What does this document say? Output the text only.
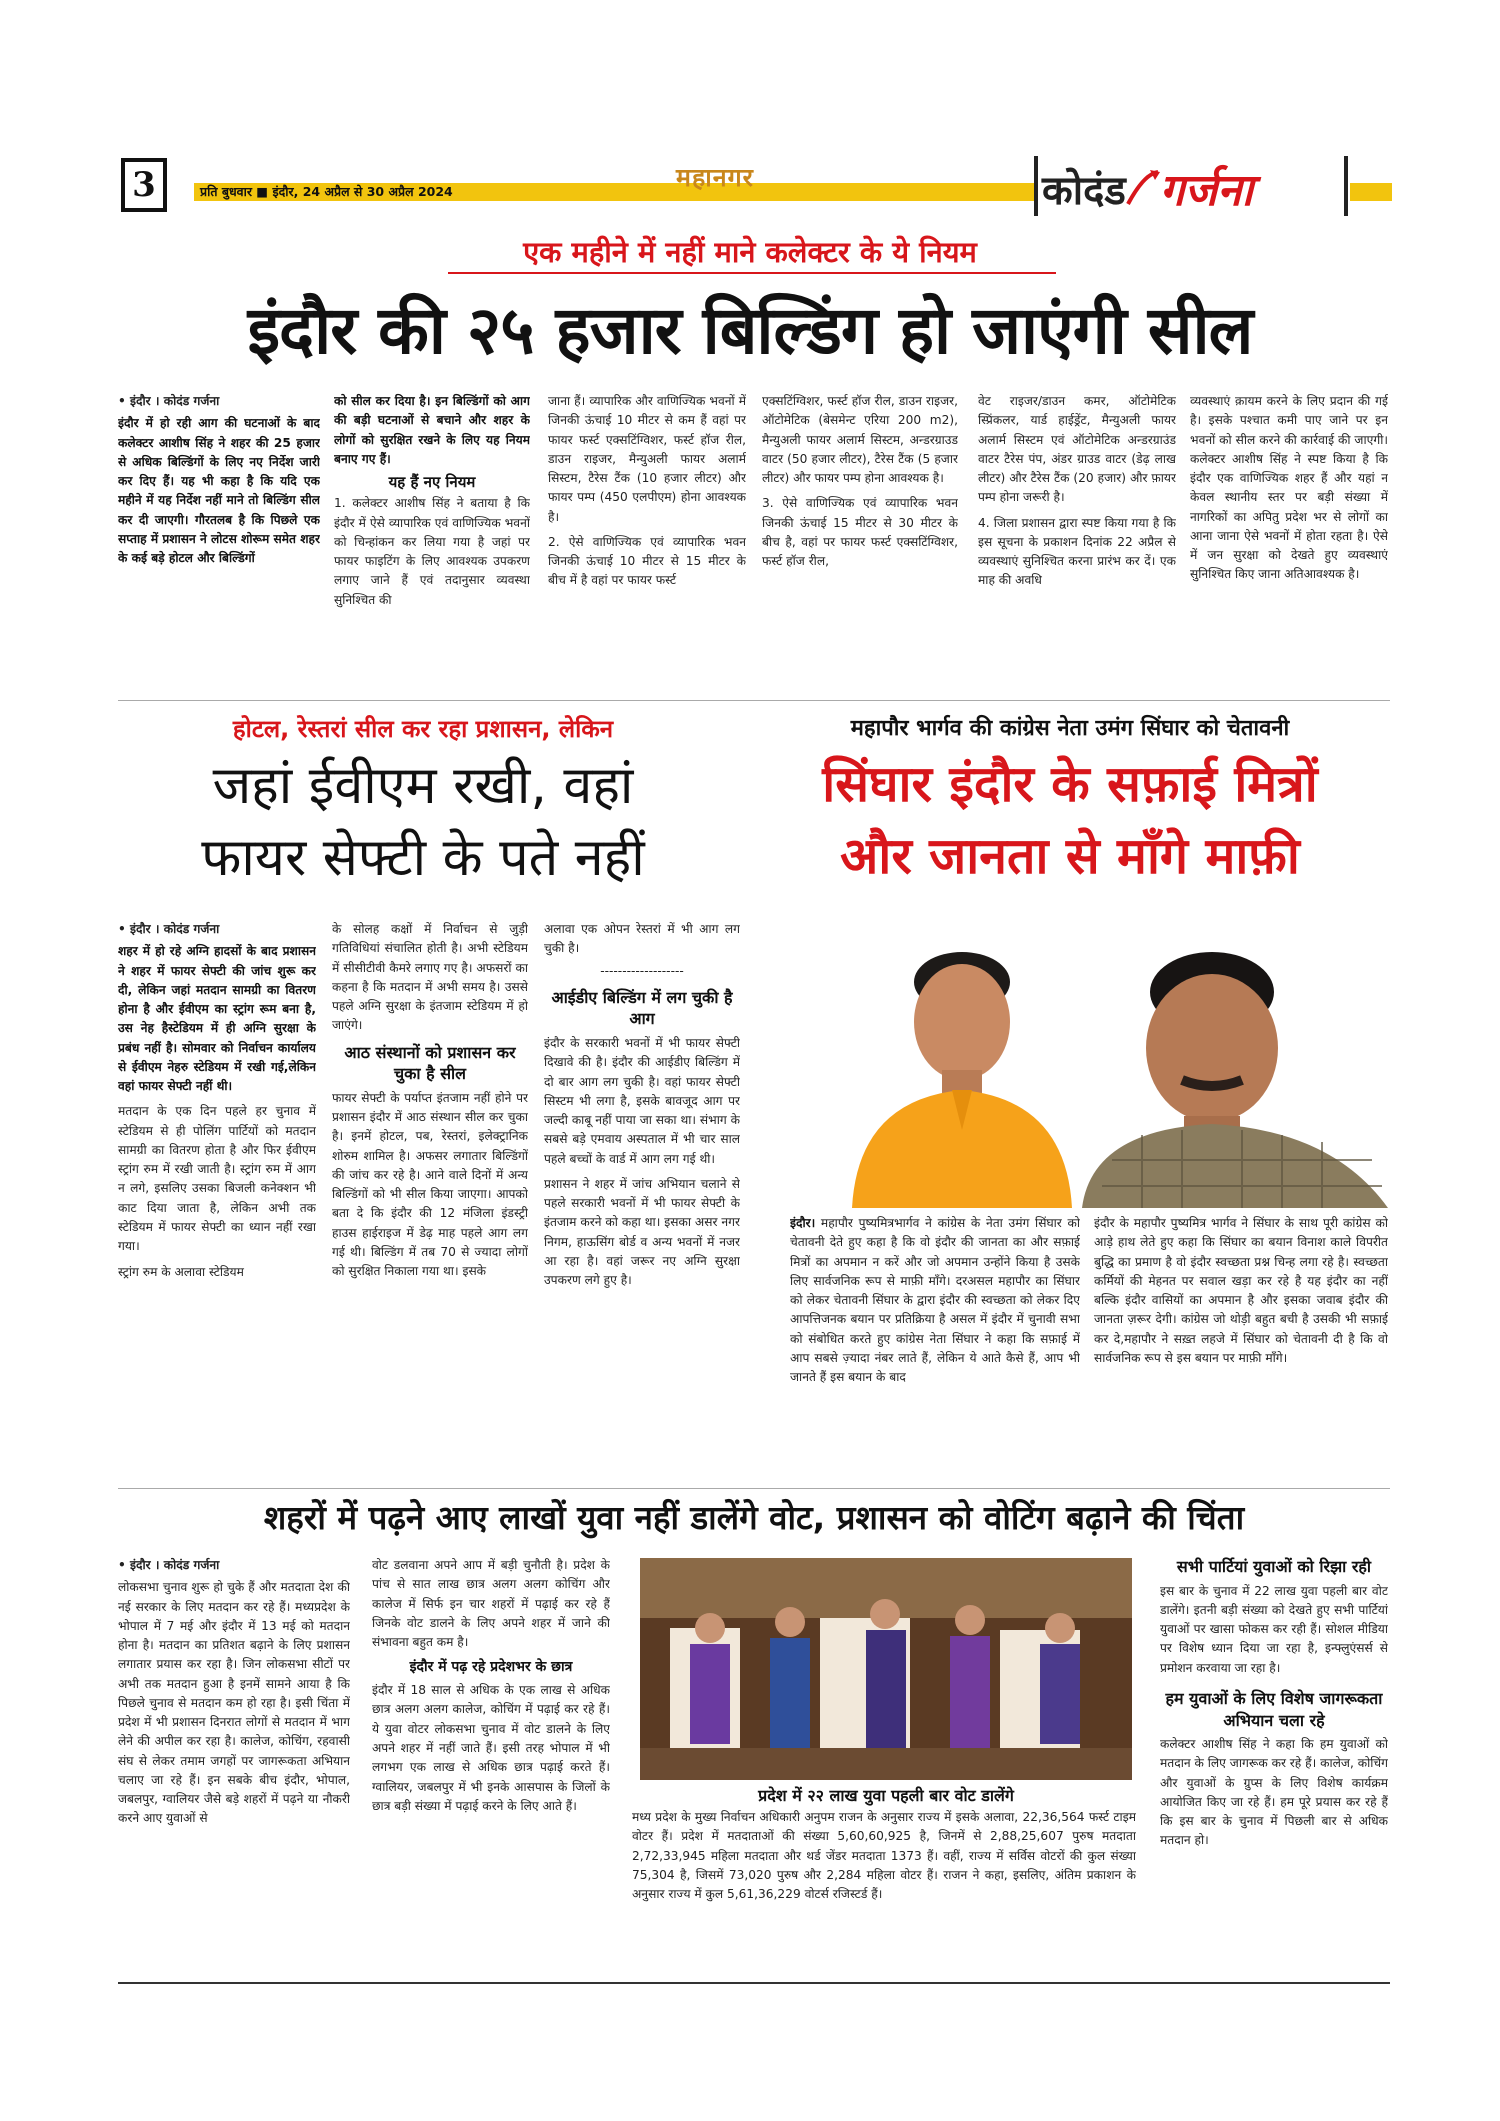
3	प्रति बुधवार ■ इंदौर, 24 अप्रैल से 30 अप्रैल 2024	महानगर	कोदंड गर्जना
एक महीने में नहीं माने कलेक्टर के ये नियम
इंदौर की २५ हजार बिल्डिंग हो जाएंगी सील

• इंदौर । कोदंड गर्जना

इंदौर में हो रही आग की घटनाओं के बाद कलेक्टर आशीष सिंह ने शहर की 25 हजार से अधिक बिल्डिंगों के लिए नए निर्देश जारी कर दिए हैं। यह भी कहा है कि यदि एक महीने में यह निर्देश नहीं माने तो बिल्डिंग सील कर दी जाएगी। गौरतलब है कि पिछले एक सप्ताह में प्रशासन ने लोटस शोरूम समेत शहर के कई बड़े होटल और बिल्डिंगों

को सील कर दिया है। इन बिल्डिंगों को आग की बड़ी घटनाओं से बचाने और शहर के लोगों को सुरक्षित रखने के लिए यह नियम बनाए गए हैं।

यह हैं नए नियम

1. कलेक्टर आशीष सिंह ने बताया है कि इंदौर में ऐसे व्यापारिक एवं वाणिज्यिक भवनों को चिन्हांकन कर लिया गया है जहां पर फायर फाइटिंग के लिए आवश्यक उपकरण लगाए जाने हैं एवं तदानुसार व्यवस्था सुनिश्चित की

जाना हैं। व्यापारिक और वाणिज्यिक भवनों में जिनकी ऊंचाई 10 मीटर से कम हैं वहां पर फायर फर्स्ट एक्सटिंग्विशर, फर्स्ट हॉज रील, डाउन राइजर, मैन्युअली फायर अलार्म सिस्टम, टैरेस टैंक (10 हजार लीटर) और फायर पम्प (450 एलपीएम) होना आवश्यक है।

2. ऐसे वाणिज्यिक एवं व्यापारिक भवन जिनकी ऊंचाई 10 मीटर से 15 मीटर के बीच में है वहां पर फायर फर्स्ट

एक्सटिंग्विशर, फर्स्ट हॉज रील, डाउन राइजर, ऑटोमेटिक (बेसमेन्ट एरिया 200 m2), मैन्युअली फायर अलार्म सिस्टम, अन्डरग्राउड वाटर (50 हजार लीटर), टैरेस टैंक (5 हजार लीटर) और फायर पम्प होना आवश्यक है।

3. ऐसे वाणिज्यिक एवं व्यापारिक भवन जिनकी ऊंचाई 15 मीटर से 30 मीटर के बीच है, वहां पर फायर फर्स्ट एक्सटिंग्विशर, फर्स्ट हॉज रील,

वेट राइजर/डाउन कमर, ऑटोमेटिक स्प्रिंकलर, यार्ड हाईड्रेंट, मैन्युअली फायर अलार्म सिस्टम एवं ऑटोमेटिक अन्डरग्राउंड वाटर टैरेस पंप, अंडर ग्राउड वाटर (डेढ़ लाख लीटर) और टैरेस टैंक (20 हजार) और फ़ायर पम्प होना जरूरी है।

4. जिला प्रशासन द्वारा स्पष्ट किया गया है कि इस सूचना के प्रकाशन दिनांक 22 अप्रैल से व्यवस्थाएं सुनिश्चित करना प्रारंभ कर दें। एक माह की अवधि

व्यवस्थाएं क़ायम करने के लिए प्रदान की गई है। इसके पश्चात कमी पाए जाने पर इन भवनों को सील करने की कार्रवाई की जाएगी। कलेक्टर आशीष सिंह ने स्पष्ट किया है कि इंदौर एक वाणिज्यिक शहर हैं और यहां न केवल स्थानीय स्तर पर बड़ी संख्या में नागरिकों का अपितु प्रदेश भर से लोगों का आना जाना ऐसे भवनों में होता रहता है। ऐसे में जन सुरक्षा को देखते हुए व्यवस्थाएं सुनिश्चित किए जाना अतिआवश्यक है।

होटल, रेस्तरां सील कर रहा प्रशासन, लेकिन
जहां ईवीएम रखी, वहां
फायर सेफ्टी के पते नहीं

• इंदौर । कोदंड गर्जना

शहर में हो रहे अग्नि हादसों के बाद प्रशासन ने शहर में फायर सेफ्टी की जांच शुरू कर दी, लेकिन जहां मतदान सामग्री का वितरण होना है और ईवीएम का स्ट्रांग रूम बना है, उस नेह हैस्टेडियम में ही अग्नि सुरक्षा के प्रबंध नहीं है। सोमवार को निर्वाचन कार्यालय से ईवीएम नेहरु स्टेडियम में रखी गई,लेकिन वहां फायर सेफ्टी नहीं थी।

मतदान के एक दिन पहले हर चुनाव में स्टेडियम से ही पोलिंग पार्टियों को मतदान सामग्री का वितरण होता है और फिर ईवीएम स्ट्रांग रुम में रखी जाती है। स्ट्रांग रुम में आग न लगे, इसलिए उसका बिजली कनेक्शन भी काट दिया जाता है, लेकिन अभी तक स्टेडियम में फायर सेफ्टी का ध्यान नहीं रखा गया।

स्ट्रांग रुम के अलावा स्टेडियम

के सोलह कक्षों में निर्वाचन से जुड़ी गतिविधियां संचालित होती है। अभी स्टेडियम में सीसीटीवी कैमरे लगाए गए है। अफसरों का कहना है कि मतदान में अभी समय है। उससे पहले अग्नि सुरक्षा के इंतजाम स्टेडियम में हो जाएंगे।

आठ संस्थानों को प्रशासन कर चुका है सील

फायर सेफ्टी के पर्याप्त इंतजाम नहीं होने पर प्रशासन इंदौर में आठ संस्थान सील कर चुका है। इनमें होटल, पब, रेस्तरां, इलेक्ट्रानिक शोरुम शामिल है। अफसर लगातार बिल्डिंगों की जांच कर रहे है। आने वाले दिनों में अन्य बिल्डिंगों को भी सील किया जाएगा। आपको बता दे कि इंदौर की 12 मंजिला इंडस्ट्री हाउस हाईराइज में डेढ़ माह पहले आग लग गई थी। बिल्डिंग में तब 70 से ज्यादा लोगों को सुरक्षित निकाला गया था। इसके

अलावा एक ओपन रेस्तरां में भी आग लग चुकी है।

-------------------

आईडीए बिल्डिंग में लग चुकी है आग

इंदौर के सरकारी भवनों में भी फायर सेफ्टी दिखावे की है। इंदौर की आईडीए बिल्डिंग में दो बार आग लग चुकी है। वहां फायर सेफ्टी सिस्टम भी लगा है, इसके बावजूद आग पर जल्दी काबू नहीं पाया जा सका था। संभाग के सबसे बड़े एमवाय अस्पताल में भी चार साल पहले बच्चों के वार्ड में आग लग गई थी।

प्रशासन ने शहर में जांच अभियान चलाने से पहले सरकारी भवनों में भी फायर सेफ्टी के इंतजाम करने को कहा था। इसका असर नगर निगम, हाऊसिंग बोर्ड व अन्य भवनों में नजर आ रहा है। वहां जरूर नए अग्नि सुरक्षा उपकरण लगे हुए है।

महापौर भार्गव की कांग्रेस नेता उमंग सिंघार को चेतावनी
सिंघार इंदौर के सफ़ाई मित्रों
और जानता से माँगे माफ़ी

इंदौर। महापौर पुष्यमित्रभार्गव ने कांग्रेस के नेता उमंग सिंघार को चेतावनी देते हुए कहा है कि वो इंदौर की जानता का और सफ़ाई मित्रों का अपमान न करें और जो अपमान उन्होंने किया है उसके लिए सार्वजनिक रूप से माफ़ी माँगे। दरअसल महापौर का सिंघार को लेकर चेतावनी सिंघार के द्वारा इंदौर की स्वच्छता को लेकर दिए आपत्तिजनक बयान पर प्रतिक्रिया है असल में इंदौर में चुनावी सभा को संबोधित करते हुए कांग्रेस नेता सिंघार ने कहा कि सफ़ाई में आप सबसे ज़्यादा नंबर लाते हैं, लेकिन ये आते कैसे हैं, आप भी जानते हैं इस बयान के बाद

इंदौर के महापौर पुष्यमित्र भार्गव ने सिंघार के साथ पूरी कांग्रेस को आड़े हाथ लेते हुए कहा कि सिंघार का बयान विनाश काले विपरीत बुद्धि का प्रमाण है वो इंदौर स्वच्छता प्रश्न चिन्ह लगा रहे है। स्वच्छता कर्मियों की मेहनत पर सवाल खड़ा कर रहे है यह इंदौर का नहीं बल्कि इंदौर वासियों का अपमान है और इसका जवाब इंदौर की जानता ज़रूर देगी। कांग्रेस जो थोड़ी बहुत बची है उसकी भी सफ़ाई कर दे,महापौर ने सख़्त लहजे में सिंघार को चेतावनी दी है कि वो सार्वजनिक रूप से इस बयान पर माफ़ी माँगे।

शहरों में पढ़ने आए लाखों युवा नहीं डालेंगे वोट, प्रशासन को वोटिंग बढ़ाने की चिंता

• इंदौर । कोदंड गर्जना

लोकसभा चुनाव शुरू हो चुके हैं और मतदाता देश की नई सरकार के लिए मतदान कर रहे हैं। मध्यप्रदेश के भोपाल में 7 मई और इंदौर में 13 मई को मतदान होना है। मतदान का प्रतिशत बढ़ाने के लिए प्रशासन लगातार प्रयास कर रहा है। जिन लोकसभा सीटों पर अभी तक मतदान हुआ है इनमें सामने आया है कि पिछले चुनाव से मतदान कम हो रहा है। इसी चिंता में प्रदेश में भी प्रशासन दिनरात लोगों से मतदान में भाग लेने की अपील कर रहा है। कालेज, कोचिंग, रहवासी संघ से लेकर तमाम जगहों पर जागरूकता अभियान चलाए जा रहे हैं। इन सबके बीच इंदौर, भोपाल, जबलपुर, ग्वालियर जैसे बड़े शहरों में पढ़ने या नौकरी करने आए युवाओं से

वोट डलवाना अपने आप में बड़ी चुनौती है। प्रदेश के पांच से सात लाख छात्र अलग अलग कोचिंग और कालेज में सिर्फ इन चार शहरों में पढ़ाई कर रहे हैं जिनके वोट डालने के लिए अपने शहर में जाने की संभावना बहुत कम है।

इंदौर में पढ़ रहे प्रदेशभर के छात्र

इंदौर में 18 साल से अधिक के एक लाख से अधिक छात्र अलग अलग कालेज, कोचिंग में पढ़ाई कर रहे हैं। ये युवा वोटर लोकसभा चुनाव में वोट डालने के लिए अपने शहर में नहीं जाते हैं। इसी तरह भोपाल में भी लगभग एक लाख से अधिक छात्र पढ़ाई करते हैं। ग्वालियर, जबलपुर में भी इनके आसपास के जिलों के छात्र बड़ी संख्या में पढ़ाई करने के लिए आते हैं।

प्रदेश में २२ लाख युवा पहली बार वोट डालेंगे

मध्य प्रदेश के मुख्य निर्वाचन अधिकारी अनुपम राजन के अनुसार राज्य में इसके अलावा, 22,36,564 फर्स्ट टाइम वोटर हैं। प्रदेश में मतदाताओं की संख्या 5,60,60,925 है, जिनमें से 2,88,25,607 पुरुष मतदाता 2,72,33,945 महिला मतदाता और थर्ड जेंडर मतदाता 1373 हैं। वहीं, राज्य में सर्विस वोटरों की कुल संख्या 75,304 है, जिसमें 73,020 पुरुष और 2,284 महिला वोटर हैं। राजन ने कहा, इसलिए, अंतिम प्रकाशन के अनुसार राज्य में कुल 5,61,36,229 वोटर्स रजिस्टर्ड हैं।

सभी पार्टियां युवाओं को रिझा रही

इस बार के चुनाव में 22 लाख युवा पहली बार वोट डालेंगे। इतनी बड़ी संख्या को देखते हुए सभी पार्टियां युवाओं पर खासा फोकस कर रही हैं। सोशल मीडिया पर विशेष ध्यान दिया जा रहा है, इन्फ्लुएंसर्स से प्रमोशन करवाया जा रहा है।

हम युवाओं के लिए विशेष जागरूकता अभियान चला रहे

कलेक्टर आशीष सिंह ने कहा कि हम युवाओं को मतदान के लिए जागरूक कर रहे हैं। कालेज, कोचिंग और युवाओं के ग्रुप्स के लिए विशेष कार्यक्रम आयोजित किए जा रहे हैं। हम पूरे प्रयास कर रहे हैं कि इस बार के चुनाव में पिछली बार से अधिक मतदान हो।
